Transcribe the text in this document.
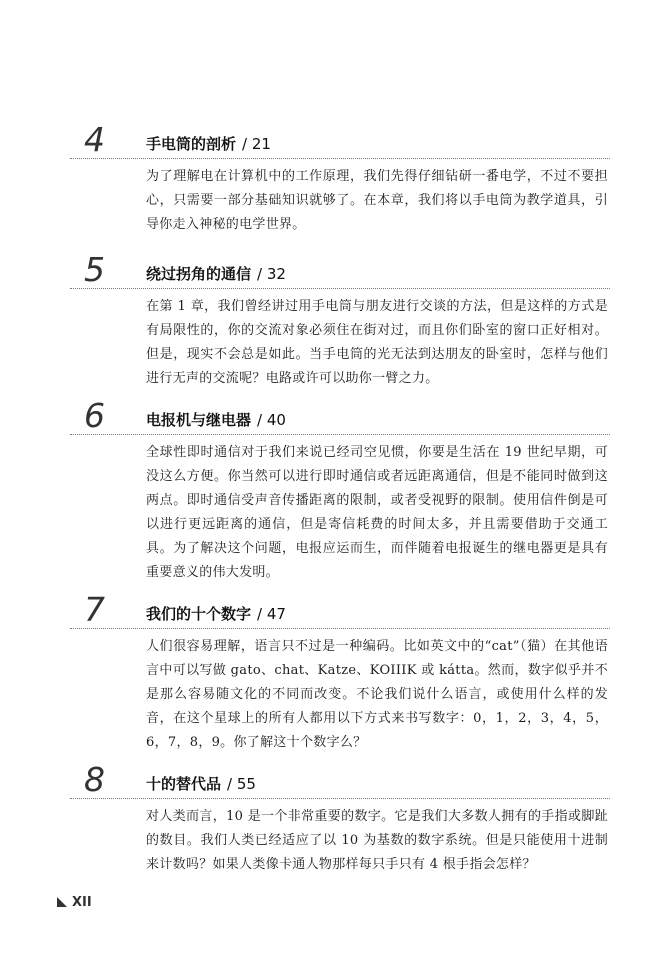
4	手电筒的剖析 / 21
为了理解电在计算机中的工作原理，我们先得仔细钻研一番电学，不过不要担心，只需要一部分基础知识就够了。在本章，我们将以手电筒为教学道具，引导你走入神秘的电学世界。
5	绕过拐角的通信 / 32
在第 1 章，我们曾经讲过用手电筒与朋友进行交谈的方法，但是这样的方式是有局限性的，你的交流对象必须住在街对过，而且你们卧室的窗口正好相对。但是，现实不会总是如此。当手电筒的光无法到达朋友的卧室时，怎样与他们进行无声的交流呢？电路或许可以助你一臂之力。
6	电报机与继电器 / 40
全球性即时通信对于我们来说已经司空见惯，你要是生活在 19 世纪早期，可没这么方便。你当然可以进行即时通信或者远距离通信，但是不能同时做到这两点。即时通信受声音传播距离的限制，或者受视野的限制。使用信件倒是可以进行更远距离的通信，但是寄信耗费的时间太多，并且需要借助于交通工具。为了解决这个问题，电报应运而生，而伴随着电报诞生的继电器更是具有重要意义的伟大发明。
7	我们的十个数字 / 47
人们很容易理解，语言只不过是一种编码。比如英文中的“cat”（猫）在其他语言中可以写做 gato、chat、Katze、KOIIIK 或 kátta。然而，数字似乎并不是那么容易随文化的不同而改变。不论我们说什么语言，或使用什么样的发音，在这个星球上的所有人都用以下方式来书写数字：0，1，2，3，4，5，6，7，8，9。你了解这十个数字么？
8	十的替代品 / 55
对人类而言，10 是一个非常重要的数字。它是我们大多数人拥有的手指或脚趾的数目。我们人类已经适应了以 10 为基数的数字系统。但是只能使用十进制来计数吗？如果人类像卡通人物那样每只手只有 4 根手指会怎样？
XII
